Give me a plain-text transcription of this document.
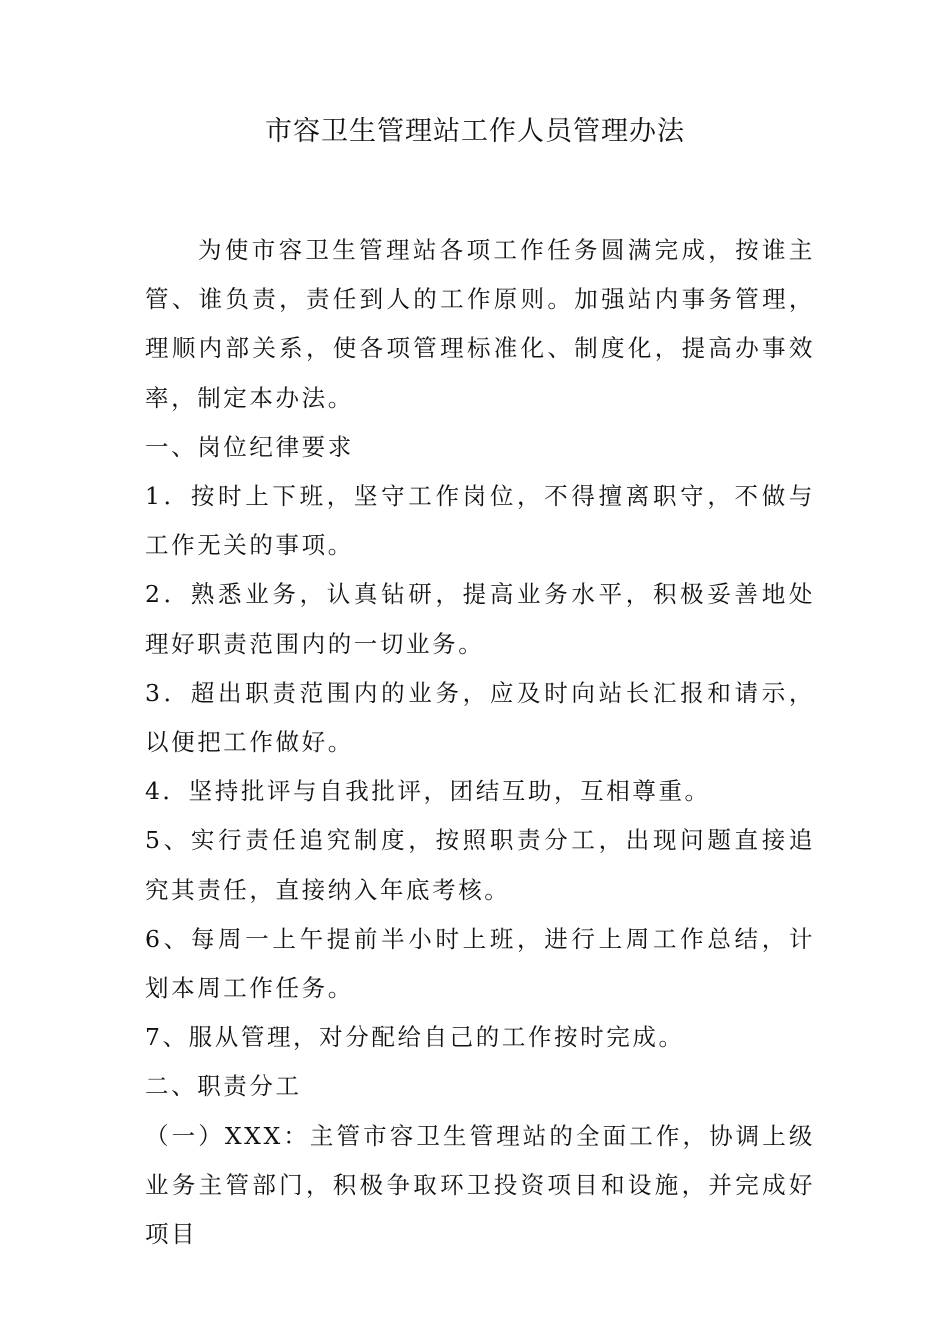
市容卫生管理站工作人员管理办法

为使市容卫生管理站各项工作任务圆满完成，按谁主管、谁负责，责任到人的工作原则。加强站内事务管理，理顺内部关系，使各项管理标准化、制度化，提高办事效率，制定本办法。

一、岗位纪律要求

1．按时上下班，坚守工作岗位，不得擅离职守，不做与工作无关的事项。

2．熟悉业务，认真钻研，提高业务水平，积极妥善地处理好职责范围内的一切业务。

3．超出职责范围内的业务，应及时向站长汇报和请示，以便把工作做好。

4．坚持批评与自我批评，团结互助，互相尊重。

5、实行责任追究制度，按照职责分工，出现问题直接追究其责任，直接纳入年底考核。

6、每周一上午提前半小时上班，进行上周工作总结，计划本周工作任务。

7、服从管理，对分配给自己的工作按时完成。

二、职责分工

（一）XXX：主管市容卫生管理站的全面工作，协调上级业务主管部门，积极争取环卫投资项目和设施，并完成好项目
